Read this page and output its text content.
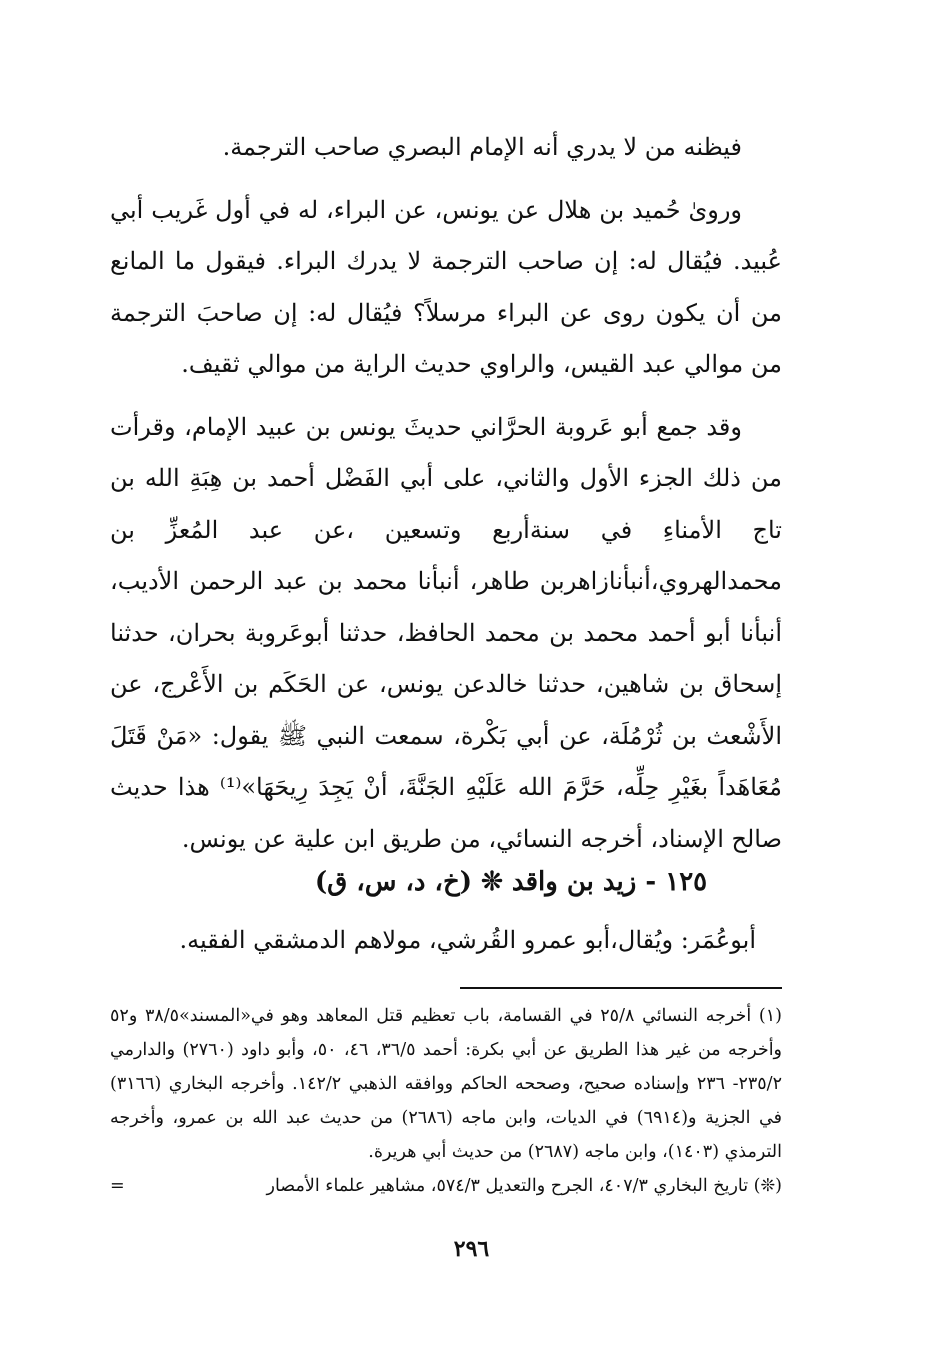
فيظنه من لا يدري أنه الإمام البصري صاحب الترجمة.

وروىٰ حُميد بن هلال عن يونس، عن البراء، له في أول غَريب أبي عُبيد. فيُقال له: إن صاحب الترجمة لا يدرك البراء. فيقول ما المانع من أن يكون روى عن البراء مرسلاً؟ فيُقال له: إن صاحبَ الترجمة من موالي عبد القيس، والراوي حديث الراية من موالي ثقيف.

وقد جمع أبو عَروبة الحرَّاني حديثَ يونس بن عبيد الإمام، وقرأت من ذلك الجزء الأول والثاني، على أبي الفَضْل أحمد بن هِبَةِ الله بن تاج الأمناءِ في سنةأربع وتسعين ،عن عبد المُعزِّ بن محمدالهروي،أنبأنازاهربن طاهر، أنبأنا محمد بن عبد الرحمن الأديب، أنبأنا أبو أحمد محمد بن محمد الحافظ، حدثنا أبوعَروبة بحران، حدثنا إسحاق بن شاهين، حدثنا خالدعن يونس، عن الحَكَم بن الأَعْرج، عن الأَشْعث بن ثُرْمُلَة، عن أبي بَكْرة، سمعت النبي ﷺ يقول: «مَنْ قَتَلَ مُعَاهَداً بغَيْرِ حِلِّه، حَرَّمَ الله عَلَيْهِ الجَنَّةَ، أنْ يَجِدَ رِيحَهَا»⁽¹⁾ هذا حديث صالح الإسناد، أخرجه النسائي، من طريق ابن علية عن يونس.

١٢٥ - زيد بن واقد ❊ (خ، د، س، ق)

أبوعُمَر: ويُقال،أبو عمرو القُرشي، مولاهم الدمشقي الفقيه.

(١) أخرجه النسائي ٢٥/٨ في القسامة، باب تعظيم قتل المعاهد وهو في«المسند»٣٨/٥ و٥٢ وأخرجه من غير هذا الطريق عن أبي بكرة: أحمد ٣٦/٥، ٤٦، ٥٠، وأبو داود (٢٧٦٠) والدارمي ٢٣٥/٢- ٢٣٦ وإسناده صحيح، وصححه الحاكم ووافقه الذهبي ١٤٢/٢. وأخرجه البخاري (٣١٦٦) في الجزية و(٦٩١٤) في الديات، وابن ماجه (٢٦٨٦) من حديث عبد الله بن عمرو، وأخرجه الترمذي (١٤٠٣)، وابن ماجه (٢٦٨٧) من حديث أبي هريرة.

(❊) تاريخ البخاري ٤٠٧/٣، الجرح والتعديل ٥٧٤/٣، مشاهير علماء الأمصار
=
٢٩٦
